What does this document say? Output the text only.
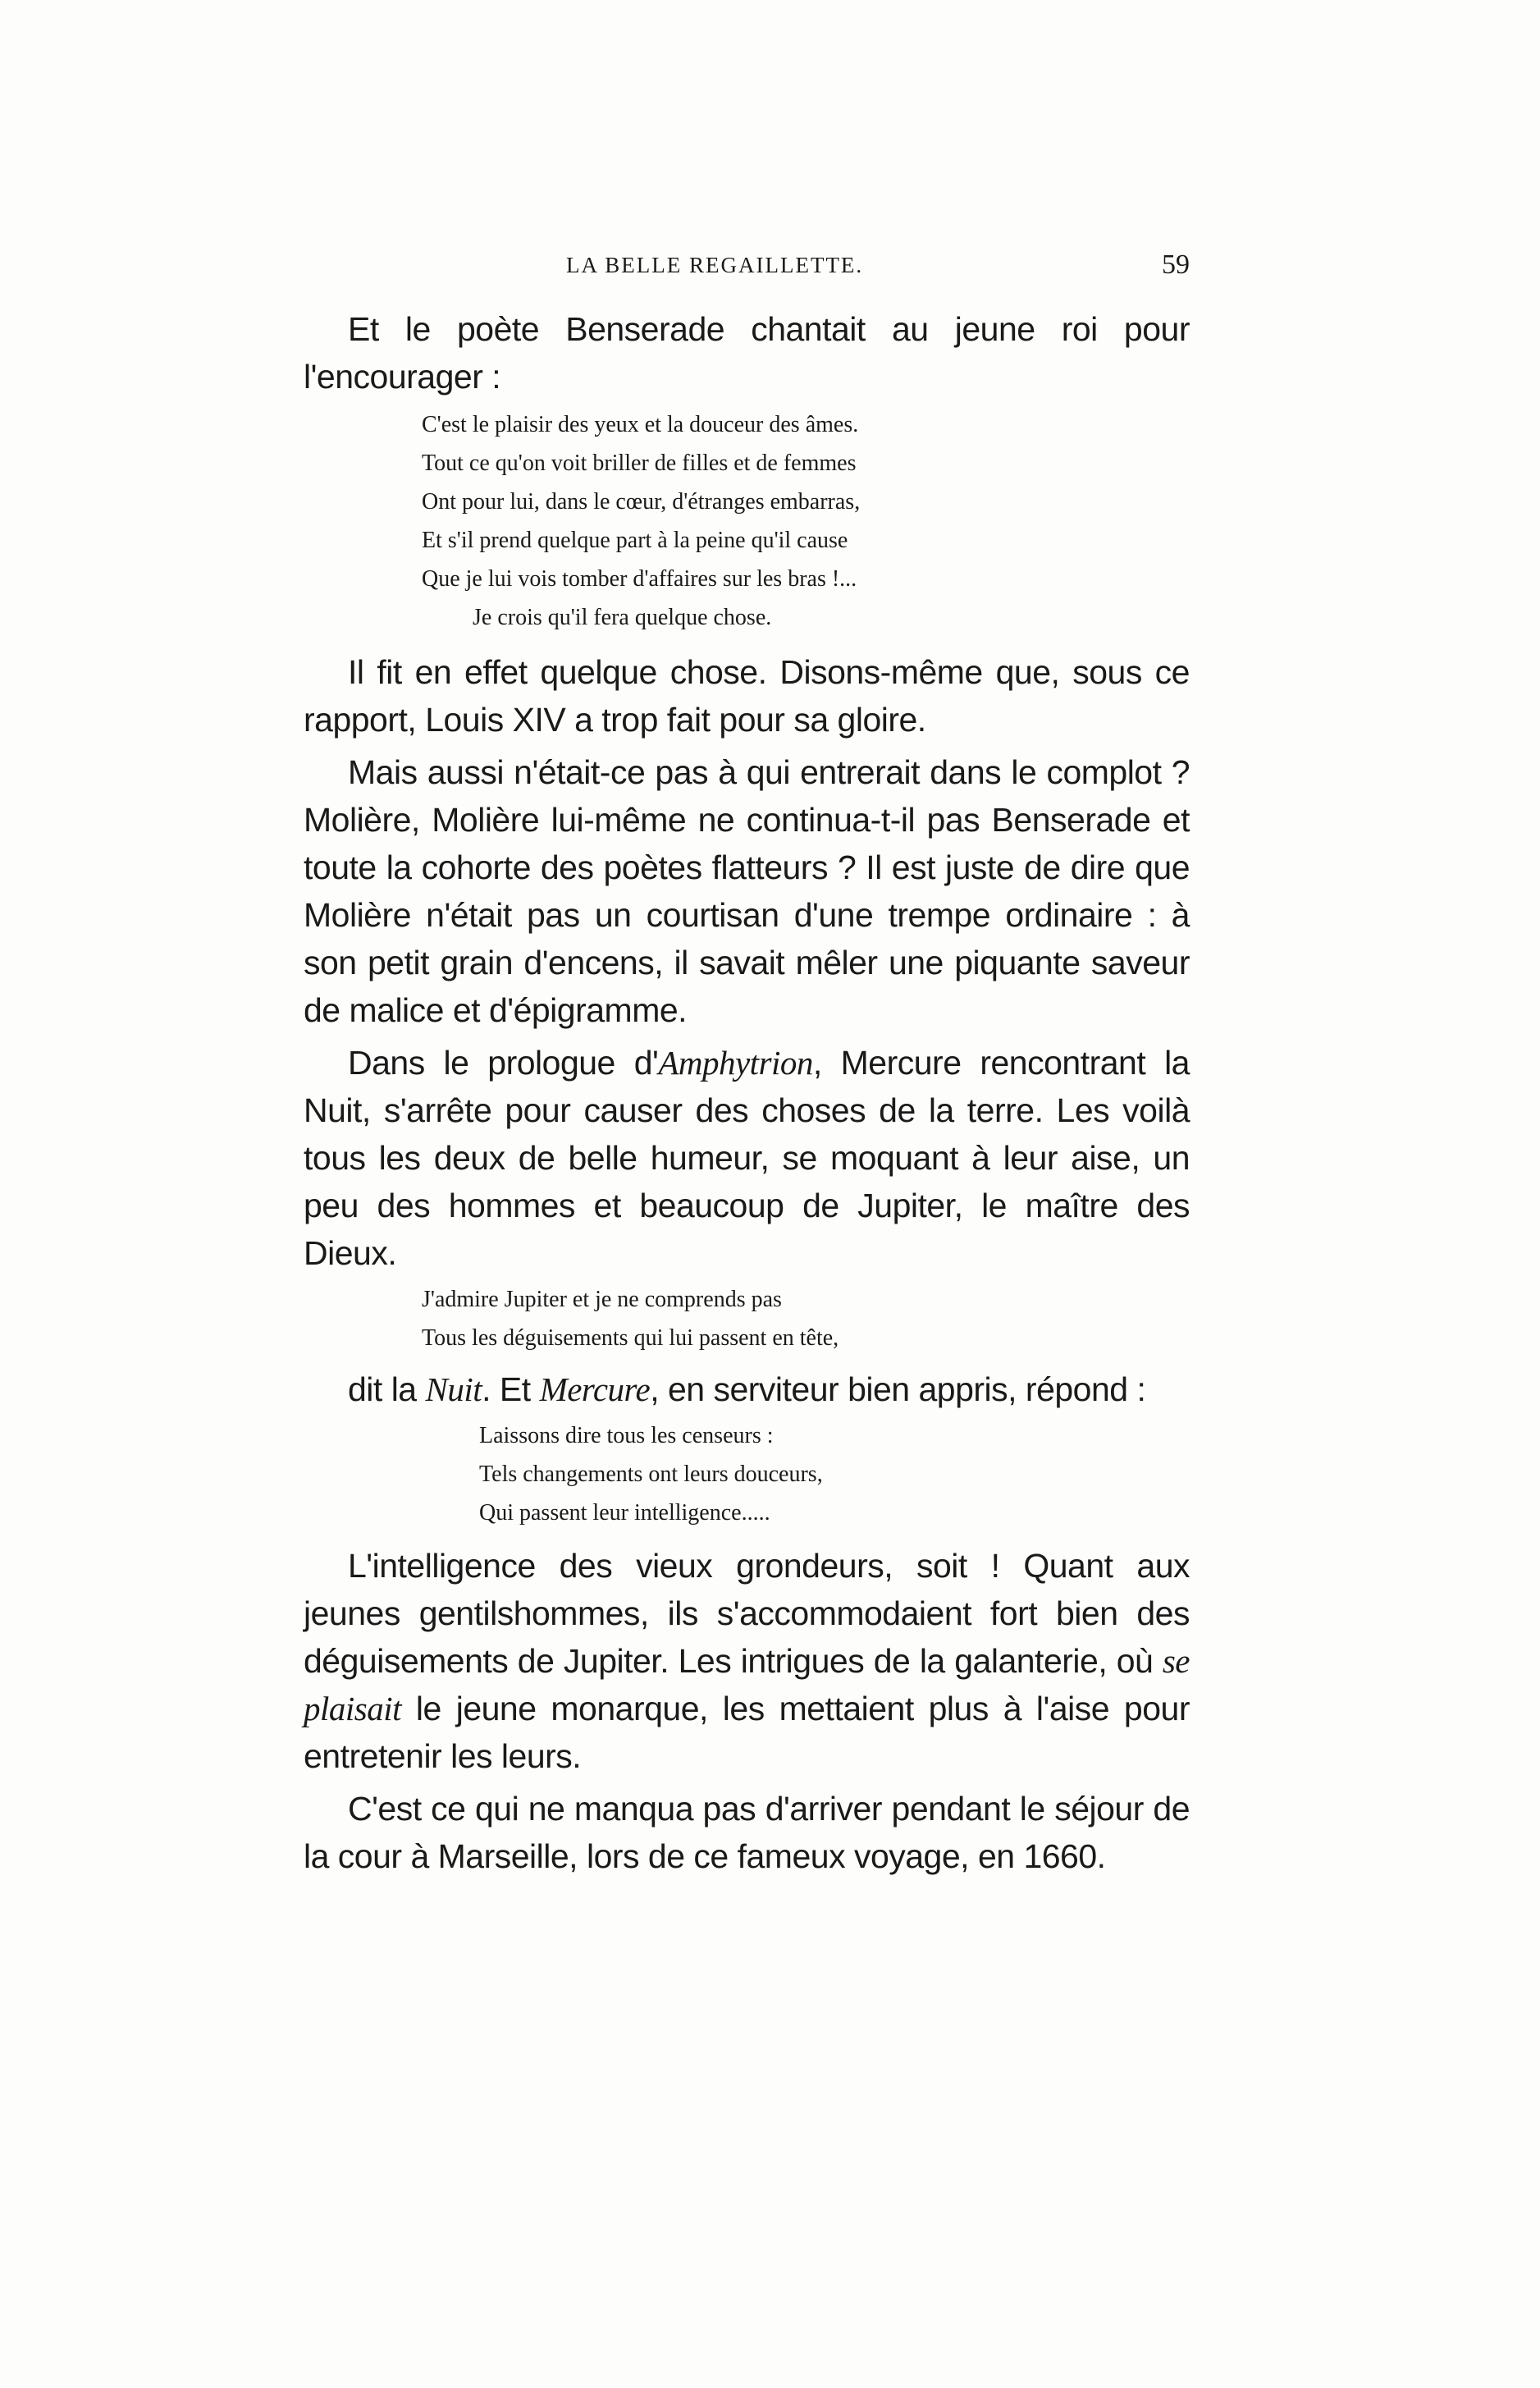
LA BELLE REGAILLETTE.	59

Et le poète Benserade chantait au jeune roi pour l'encourager :

C'est le plaisir des yeux et la douceur des âmes.
Tout ce qu'on voit briller de filles et de femmes
Ont pour lui, dans le cœur, d'étranges embarras,
Et s'il prend quelque part à la peine qu'il cause
Que je lui vois tomber d'affaires sur les bras !...
Je crois qu'il fera quelque chose.

Il fit en effet quelque chose. Disons-même que, sous ce rapport, Louis XIV a trop fait pour sa gloire.

Mais aussi n'était-ce pas à qui entrerait dans le complot ? Molière, Molière lui-même ne continua-t-il pas Benserade et toute la cohorte des poètes flatteurs ? Il est juste de dire que Molière n'était pas un courtisan d'une trempe ordinaire : à son petit grain d'encens, il savait mêler une piquante saveur de malice et d'épigramme.

Dans le prologue d'Amphytrion, Mercure rencontrant la Nuit, s'arrête pour causer des choses de la terre. Les voilà tous les deux de belle humeur, se moquant à leur aise, un peu des hommes et beaucoup de Jupiter, le maître des Dieux.

J'admire Jupiter et je ne comprends pas
Tous les déguisements qui lui passent en tête,

dit la Nuit. Et Mercure, en serviteur bien appris, répond :

Laissons dire tous les censeurs :
Tels changements ont leurs douceurs,
Qui passent leur intelligence.....

L'intelligence des vieux grondeurs, soit ! Quant aux jeunes gentilshommes, ils s'accommodaient fort bien des déguisements de Jupiter. Les intrigues de la galanterie, où se plaisait le jeune monarque, les mettaient plus à l'aise pour entretenir les leurs.

C'est ce qui ne manqua pas d'arriver pendant le séjour de la cour à Marseille, lors de ce fameux voyage, en 1660.
